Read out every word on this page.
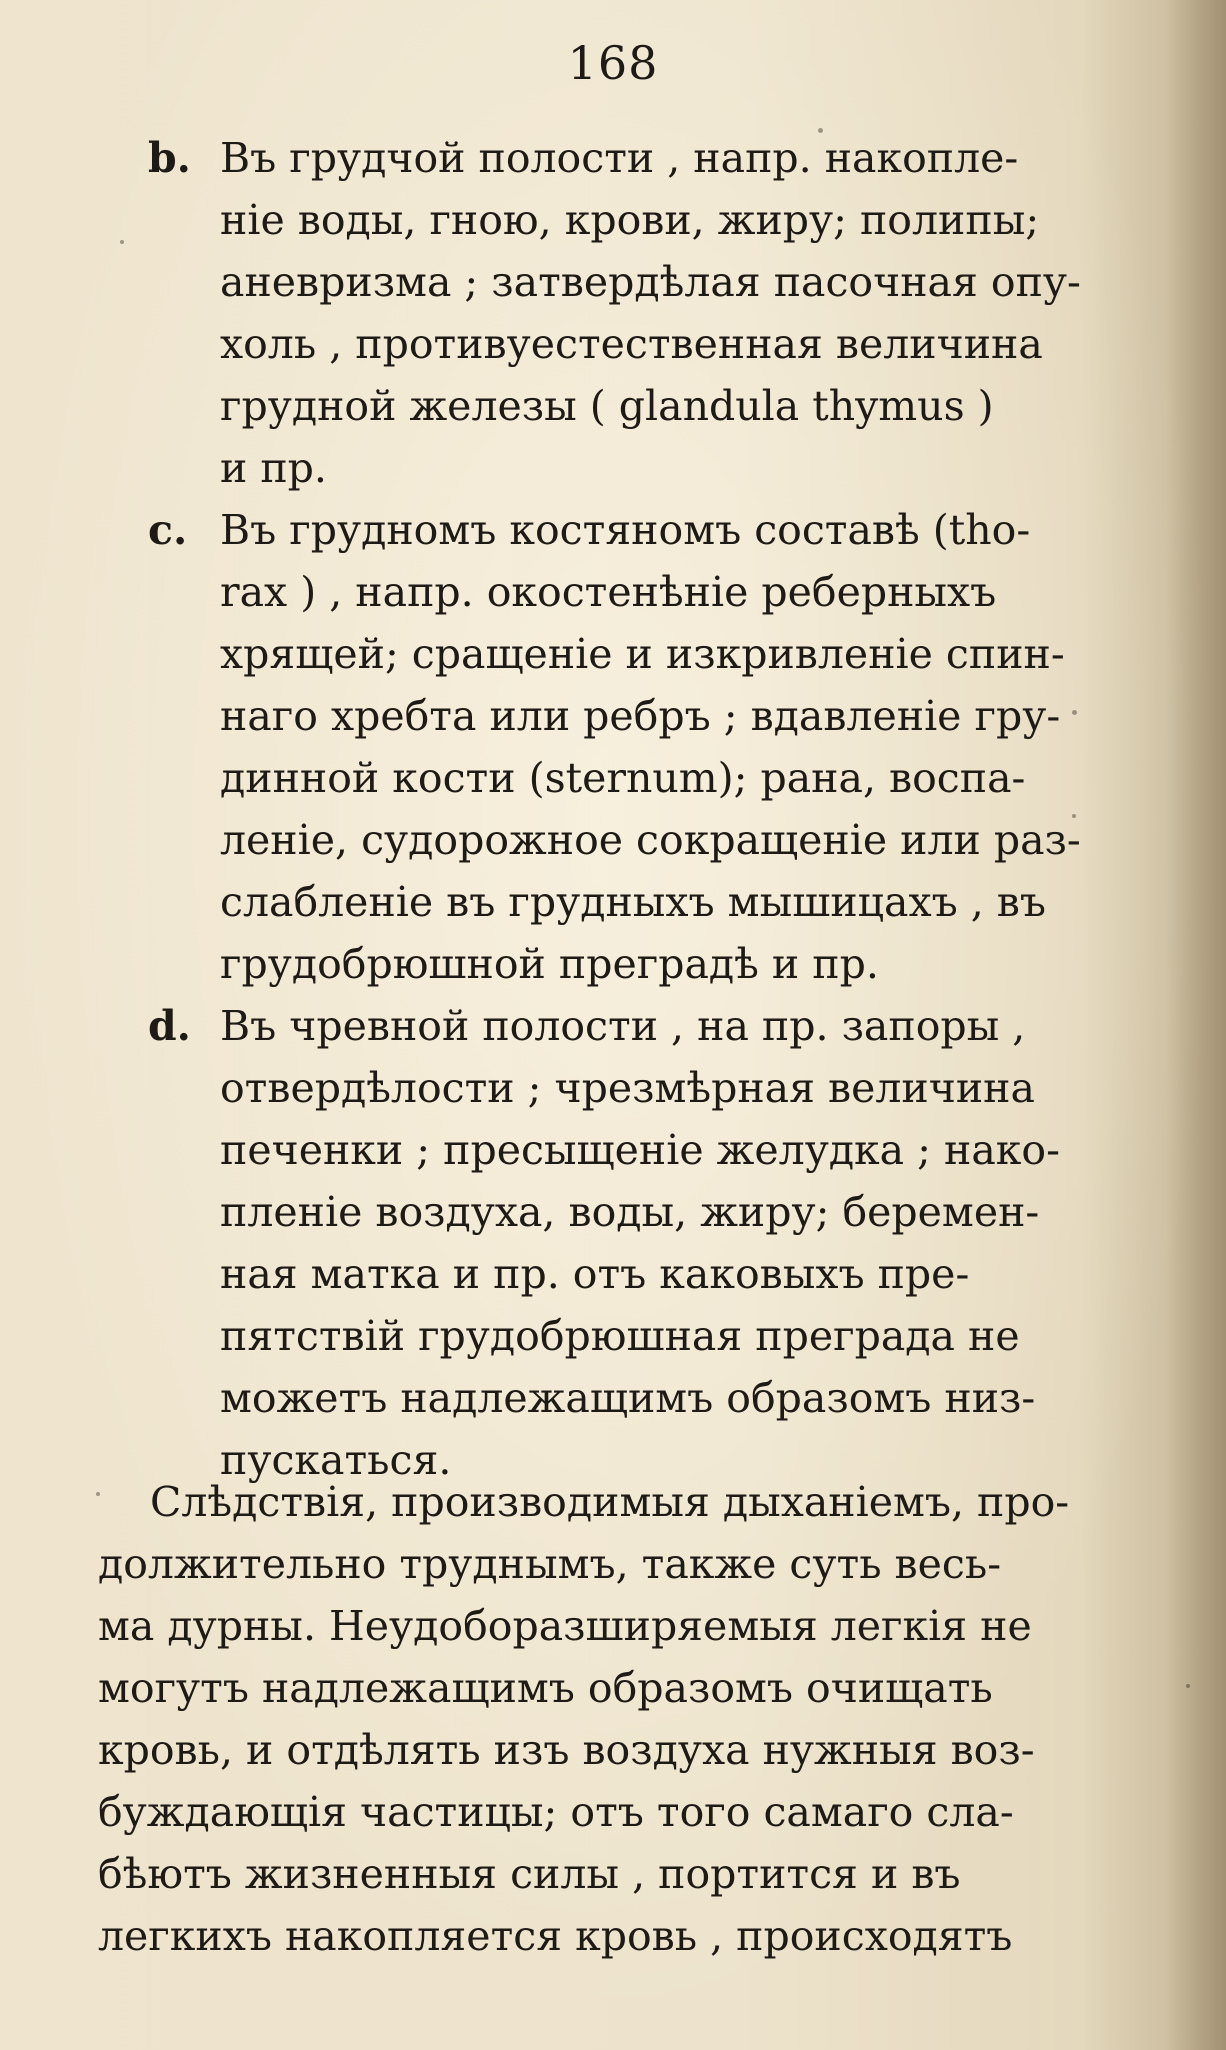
168
b. Въ грудчой полости , напр. накопле-
ніе воды, гною, крови, жиру; полипы;
аневризма ; затвердѣлая пасочная опу-
холь , противуестественная величина
грудной железы ( glandula thymus )
и пр.
c. Въ грудномъ костяномъ составѣ (tho-
rax ) , напр. окостенѣніе реберныхъ
хрящей; сращеніе и изкривленіе спин-
наго хребта или ребръ ; вдавленіе гру-
динной кости (sternum); рана, воспа-
леніе, судорожное сокращеніе или раз-
слабленіе въ грудныхъ мышицахъ , въ
грудобрюшной преградѣ и пр.
d. Въ чревной полости , на пр. запоры ,
отвердѣлости ; чрезмѣрная величина
печенки ; пресыщеніе желудка ; нако-
пленіе воздуха, воды, жиру; беремен-
ная матка и пр. отъ каковыхъ пре-
пятствій грудобрюшная преграда не
можетъ надлежащимъ образомъ низ-
пускаться.
Слѣдствія, производимыя дыханіемъ, про-
должительно труднымъ, также суть весь-
ма дурны. Неудоборазширяемыя легкія не
могутъ надлежащимъ образомъ очищать
кровь, и отдѣлять изъ воздуха нужныя воз-
буждающія частицы; отъ того самаго сла-
бѣютъ жизненныя силы , портится и въ
легкихъ накопляется кровь , происходятъ
